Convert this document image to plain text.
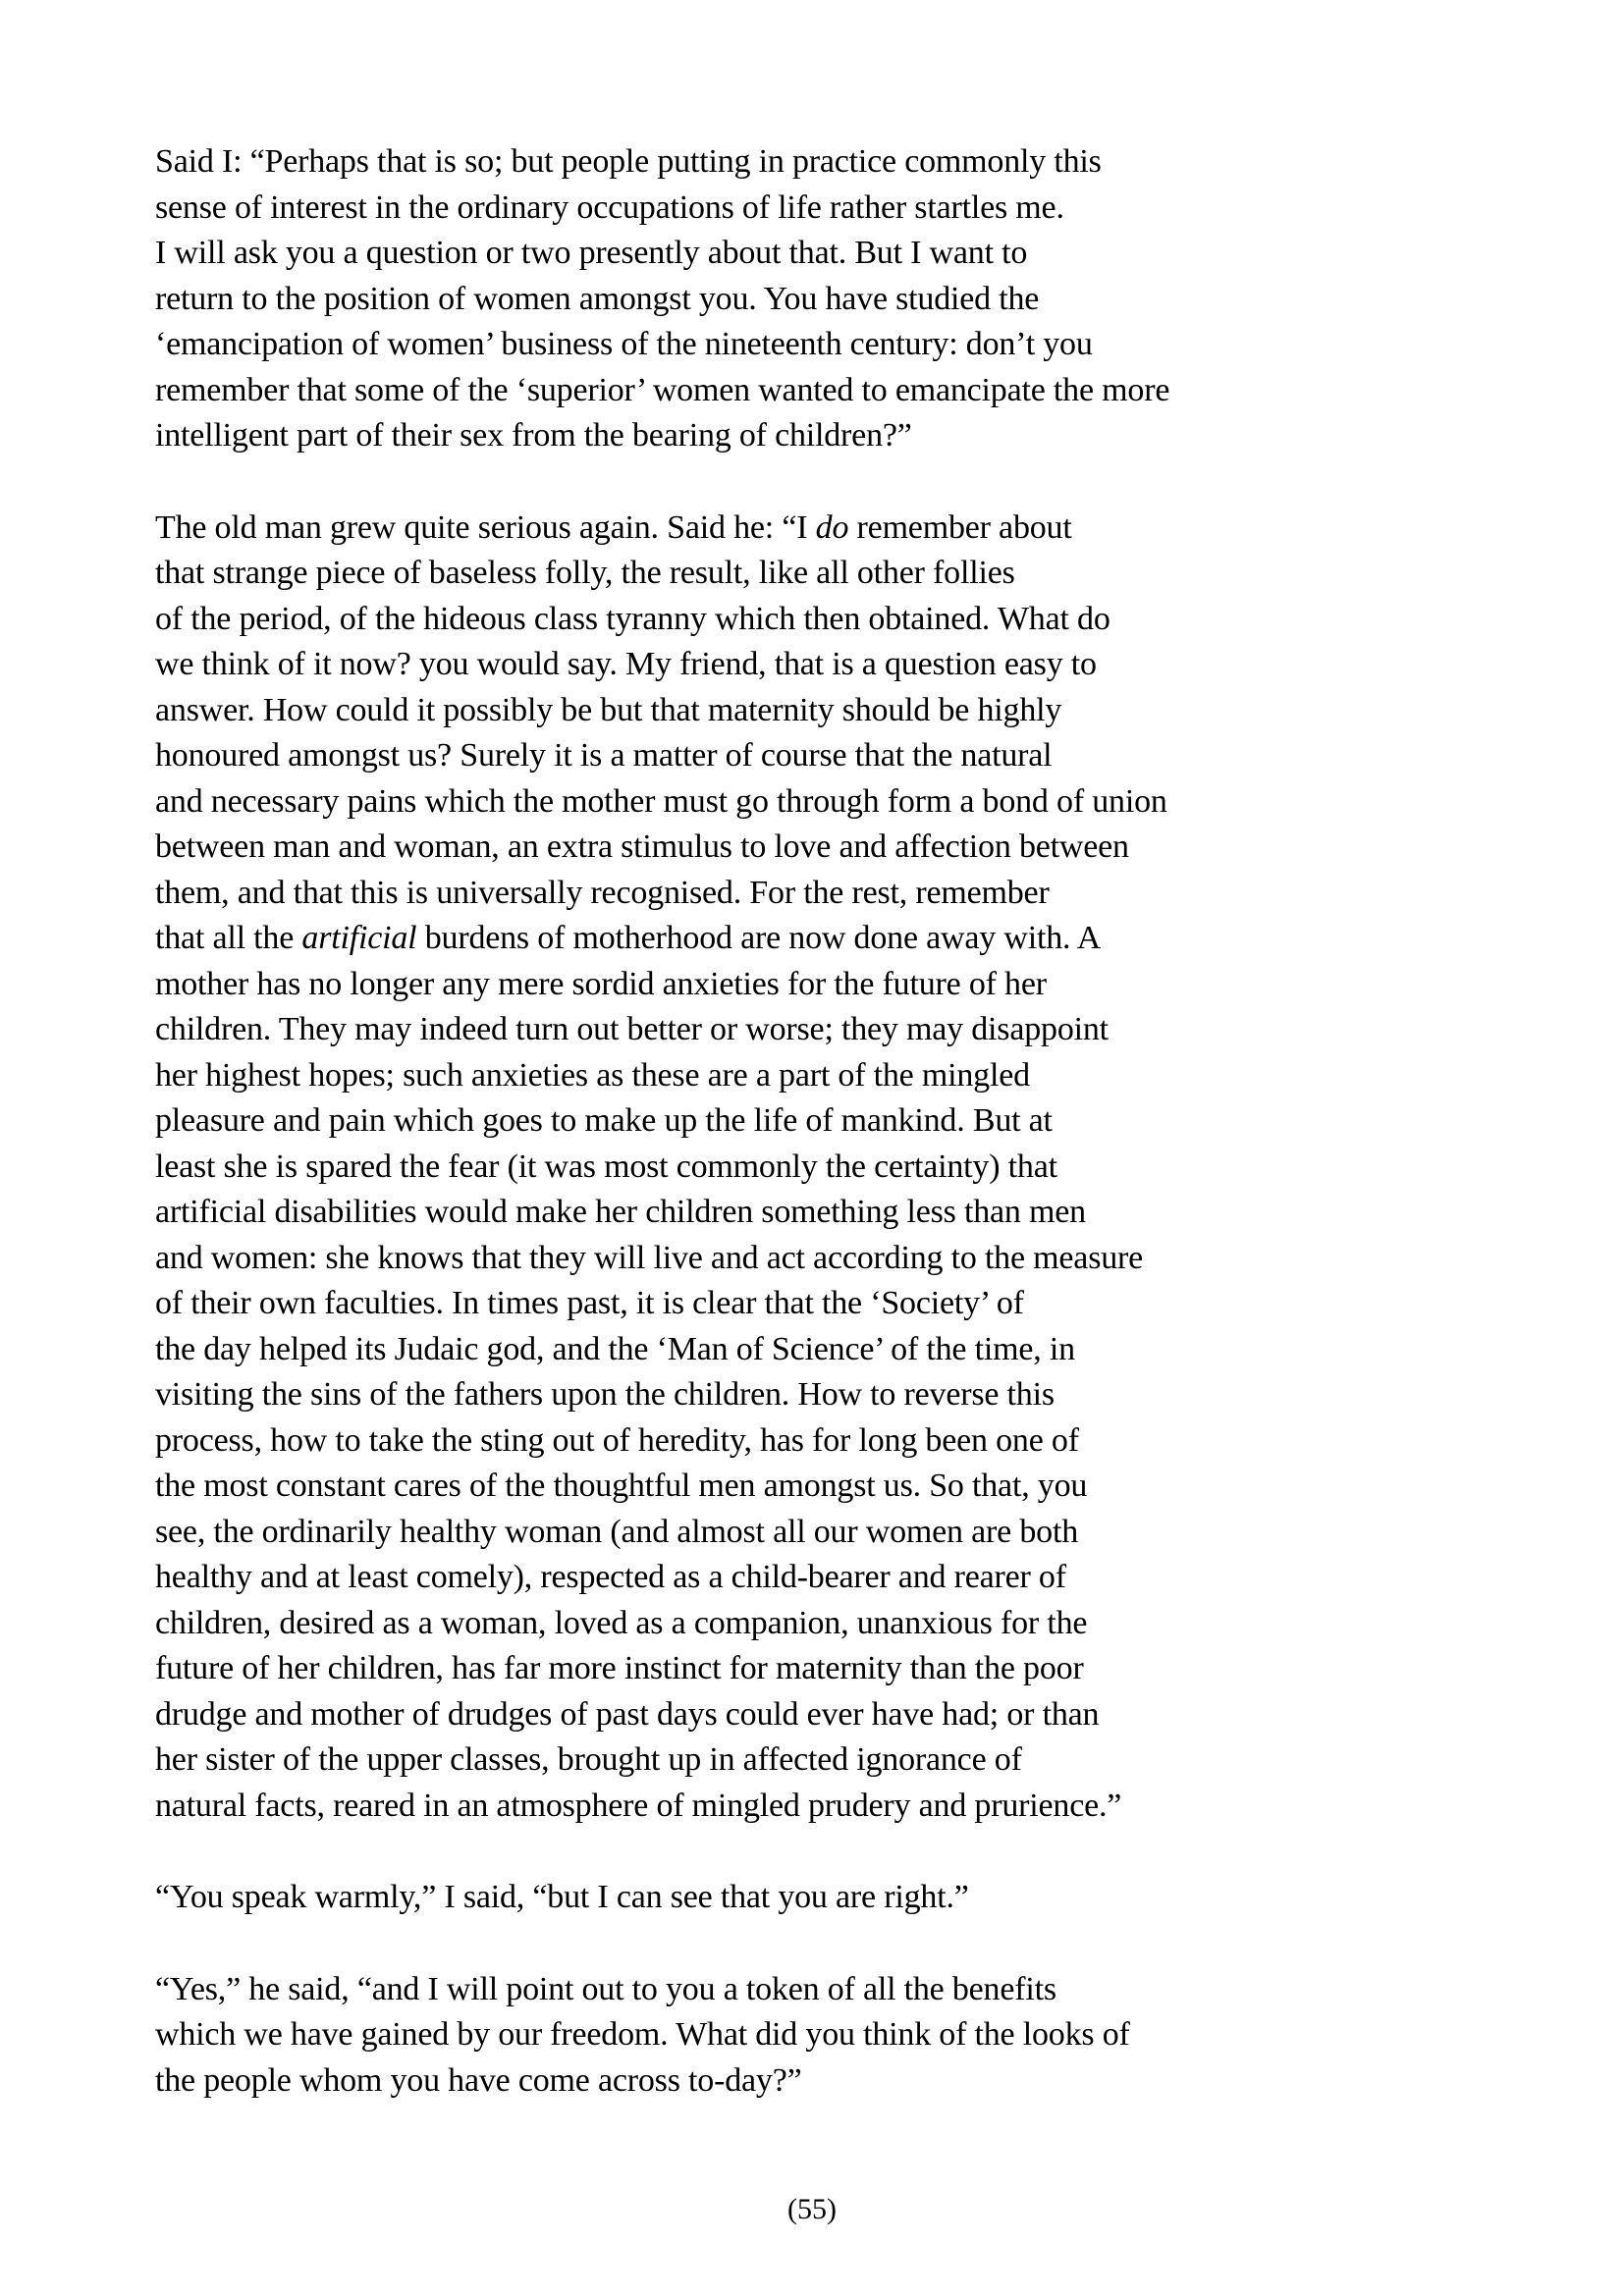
Said I: “Perhaps that is so; but people putting in practice commonly this
sense of interest in the ordinary occupations of life rather startles me.
I will ask you a question or two presently about that. But I want to
return to the position of women amongst you. You have studied the
‘emancipation of women’ business of the nineteenth century: don’t you
remember that some of the ‘superior’ women wanted to emancipate the more
intelligent part of their sex from the bearing of children?”

The old man grew quite serious again. Said he: “I do remember about
that strange piece of baseless folly, the result, like all other follies
of the period, of the hideous class tyranny which then obtained. What do
we think of it now? you would say. My friend, that is a question easy to
answer. How could it possibly be but that maternity should be highly
honoured amongst us? Surely it is a matter of course that the natural
and necessary pains which the mother must go through form a bond of union
between man and woman, an extra stimulus to love and affection between
them, and that this is universally recognised. For the rest, remember
that all the artificial burdens of motherhood are now done away with. A
mother has no longer any mere sordid anxieties for the future of her
children. They may indeed turn out better or worse; they may disappoint
her highest hopes; such anxieties as these are a part of the mingled
pleasure and pain which goes to make up the life of mankind. But at
least she is spared the fear (it was most commonly the certainty) that
artificial disabilities would make her children something less than men
and women: she knows that they will live and act according to the measure
of their own faculties. In times past, it is clear that the ‘Society’ of
the day helped its Judaic god, and the ‘Man of Science’ of the time, in
visiting the sins of the fathers upon the children. How to reverse this
process, how to take the sting out of heredity, has for long been one of
the most constant cares of the thoughtful men amongst us. So that, you
see, the ordinarily healthy woman (and almost all our women are both
healthy and at least comely), respected as a child-bearer and rearer of
children, desired as a woman, loved as a companion, unanxious for the
future of her children, has far more instinct for maternity than the poor
drudge and mother of drudges of past days could ever have had; or than
her sister of the upper classes, brought up in affected ignorance of
natural facts, reared in an atmosphere of mingled prudery and prurience.”

“You speak warmly,” I said, “but I can see that you are right.”

“Yes,” he said, “and I will point out to you a token of all the benefits
which we have gained by our freedom. What did you think of the looks of
the people whom you have come across to-day?”

(55)
